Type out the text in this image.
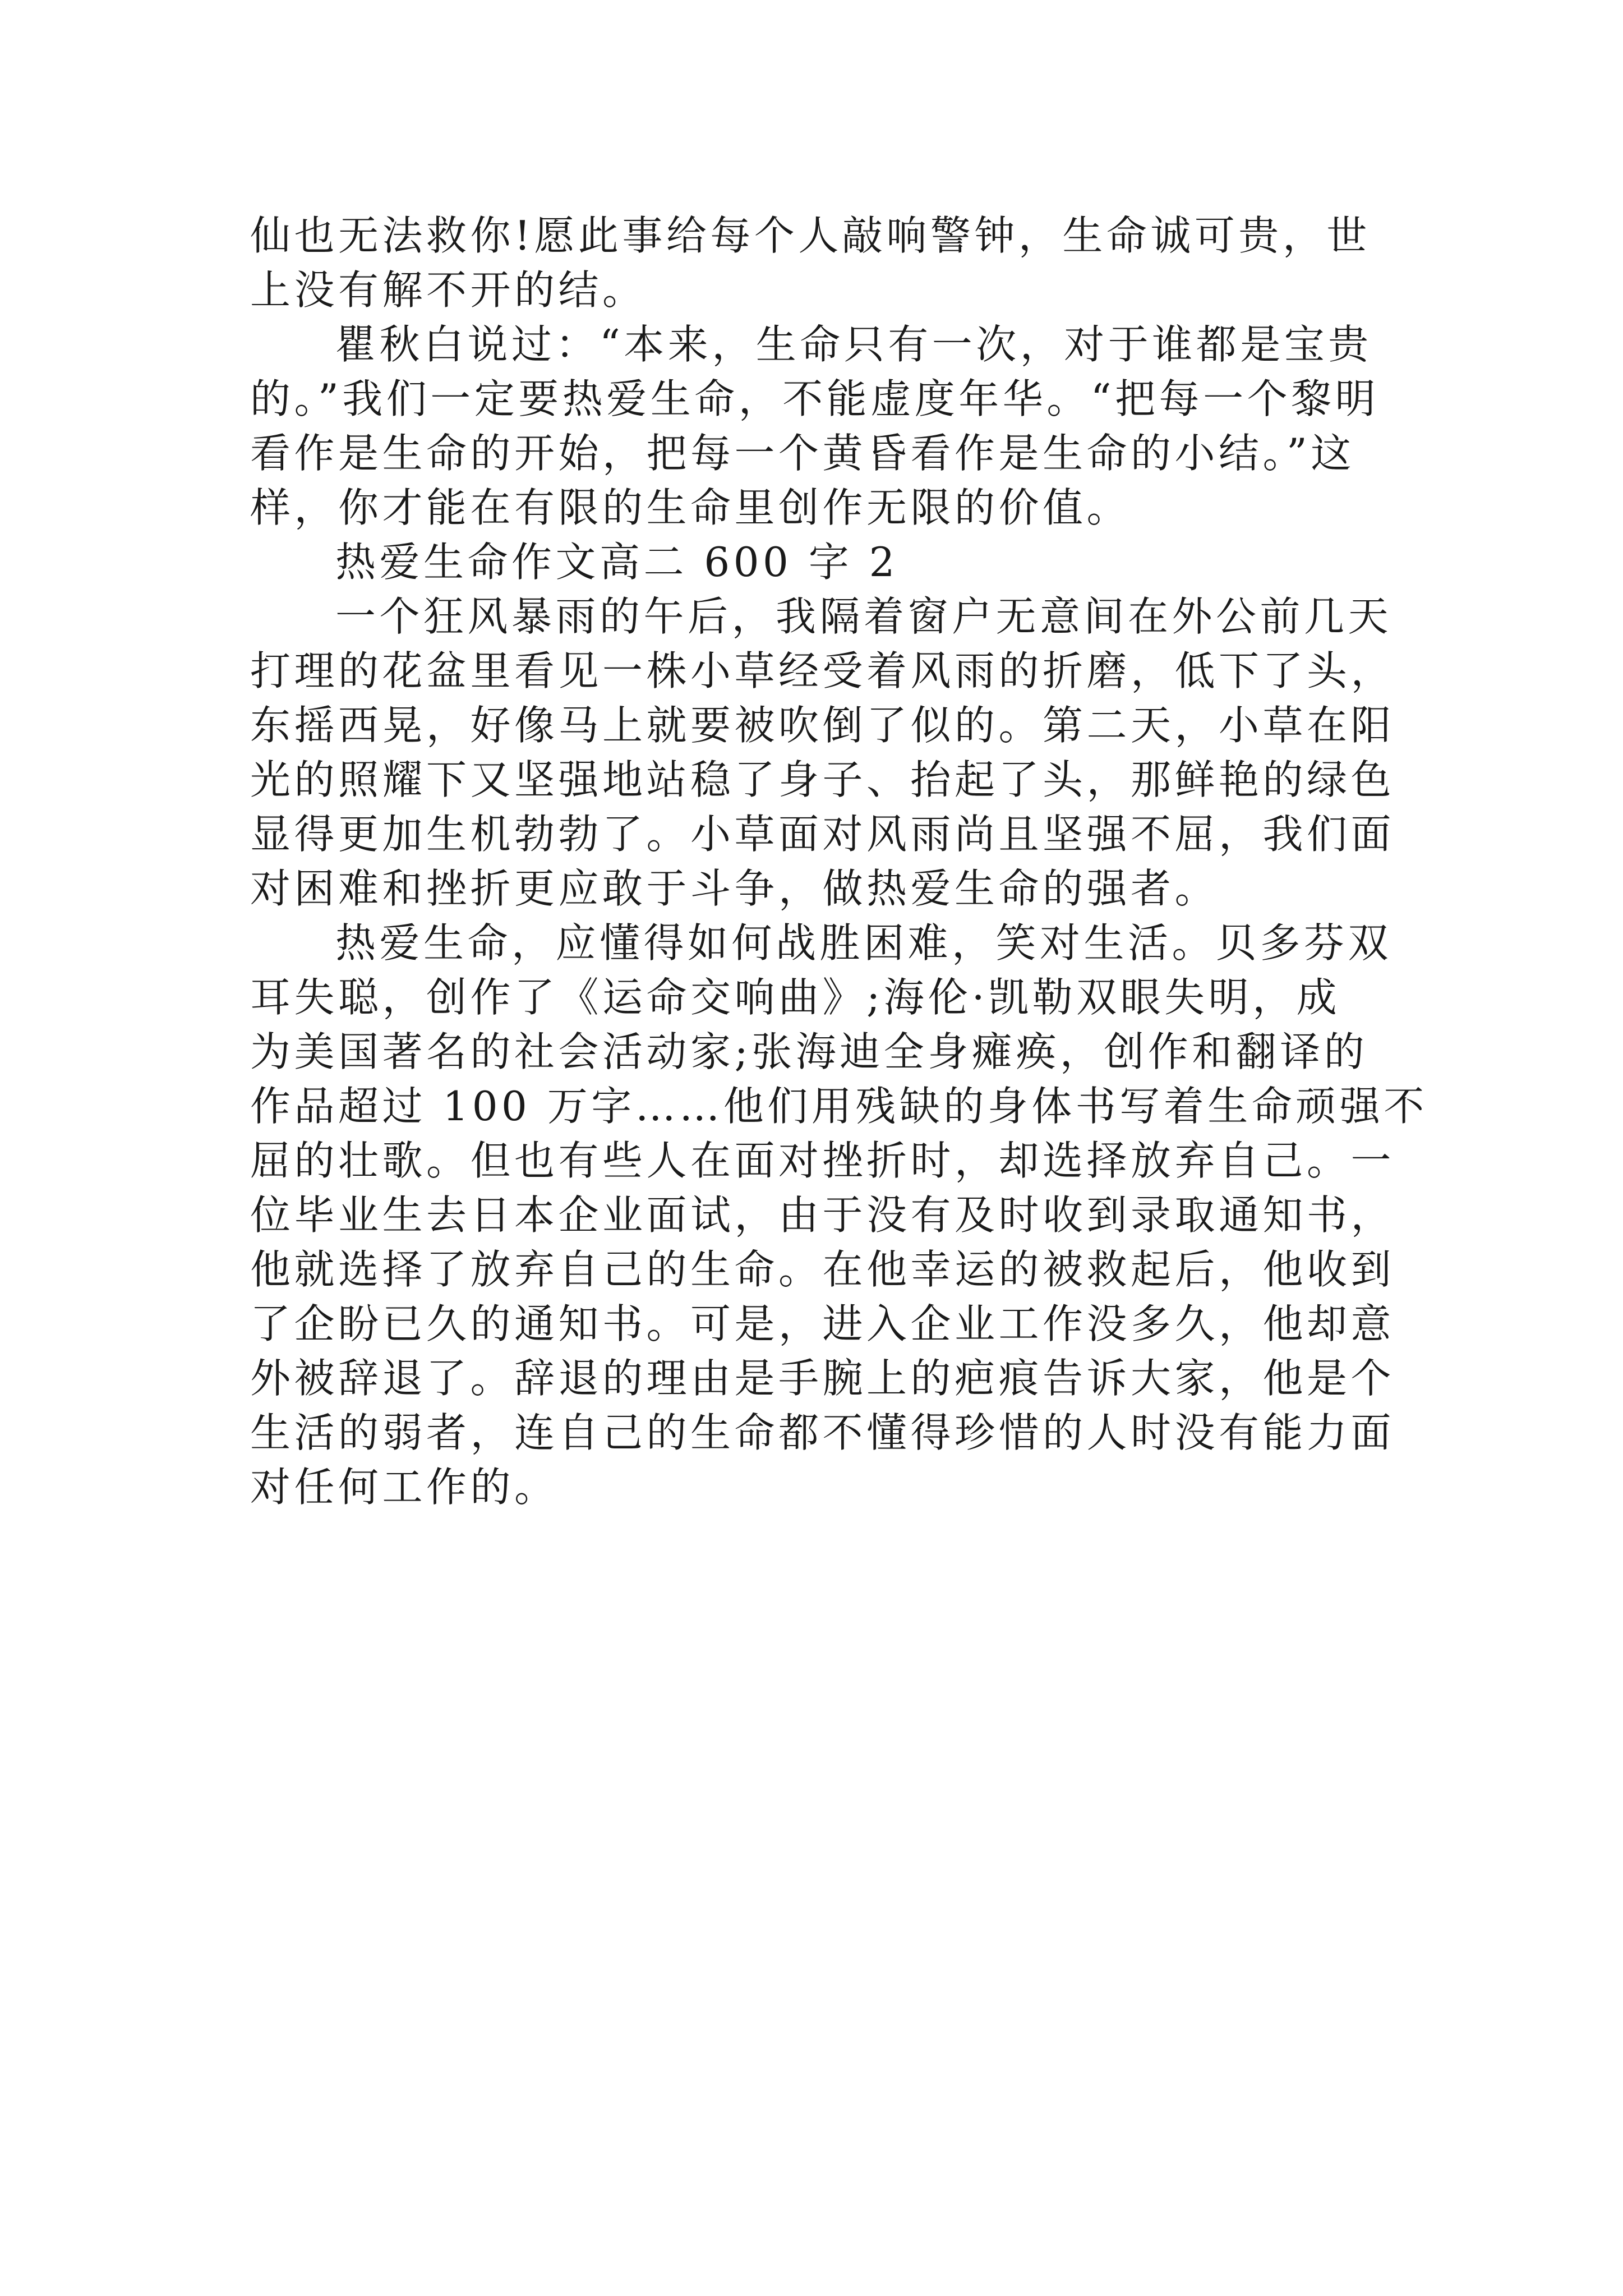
仙也无法救你!愿此事给每个人敲响警钟，生命诚可贵，世
上没有解不开的结。
瞿秋白说过：“本来，生命只有一次，对于谁都是宝贵
的。”我们一定要热爱生命，不能虚度年华。“把每一个黎明
看作是生命的开始，把每一个黄昏看作是生命的小结。”这
样，你才能在有限的生命里创作无限的价值。
热爱生命作文高二 600 字 2
一个狂风暴雨的午后，我隔着窗户无意间在外公前几天
打理的花盆里看见一株小草经受着风雨的折磨，低下了头，
东摇西晃，好像马上就要被吹倒了似的。第二天，小草在阳
光的照耀下又坚强地站稳了身子、抬起了头，那鲜艳的绿色
显得更加生机勃勃了。小草面对风雨尚且坚强不屈，我们面
对困难和挫折更应敢于斗争，做热爱生命的强者。
热爱生命，应懂得如何战胜困难，笑对生活。贝多芬双
耳失聪，创作了《运命交响曲》;海伦·凯勒双眼失明，成
为美国著名的社会活动家;张海迪全身瘫痪，创作和翻译的
作品超过 100 万字……他们用残缺的身体书写着生命顽强不
屈的壮歌。但也有些人在面对挫折时，却选择放弃自己。一
位毕业生去日本企业面试，由于没有及时收到录取通知书，
他就选择了放弃自己的生命。在他幸运的被救起后，他收到
了企盼已久的通知书。可是，进入企业工作没多久，他却意
外被辞退了。辞退的理由是手腕上的疤痕告诉大家，他是个
生活的弱者，连自己的生命都不懂得珍惜的人时没有能力面
对任何工作的。
